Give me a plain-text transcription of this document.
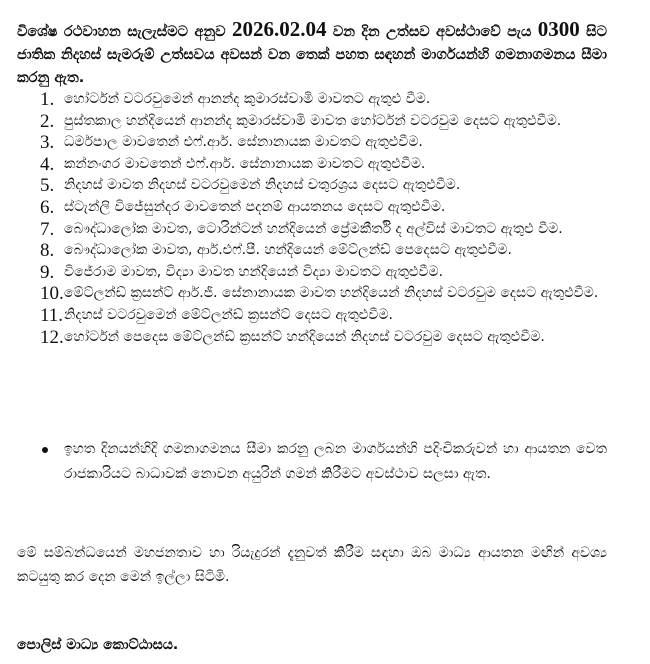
විශේෂ රථවාහන සැලැස්මට අනුව 2026.02.04 වන දින උත්සව අවස්ථාවේ පැය 0300 සිට ජාතික නිදහස් සැමරුම් උත්සවය අවසන් වන තෙක් පහත සඳහන් මාර්ගයන්හි ගමනාගමනය සීමා කරනු ඇත.

1. හෝර්ටන් වටරවුමෙන් ආනන්ද කුමාරස්වාමි මාවතට ඇතුළු වීම.
2. පුස්තකාල හන්දියෙන් ආනන්ද කුමාරස්වාමි මාවත හෝර්ටන් වටරවුම දෙසට ඇතුළුවීම.
3. ධර්මපාල මාවතෙන් එෆ්.ආර්. සේනානායක මාවතට ඇතුළුවීම.
4. කන්නංගර මාවතෙන් එෆ්.ආර්. සේනානායක මාවතට ඇතුළුවීම.
5. නිදහස් මාවත නිදහස් වටරවුමෙන් නිදහස් චතුරශ්‍රය දෙසට ඇතුළුවීම.
6. ස්ටැන්ලි විජේසුන්දර මාවතෙන් පදනම් ආයතනය දෙසට ඇතුළුවීම.
7. බෞද්ධාලෝක මාවත, ටොරින්ටන් හන්දියෙන් ප්‍රේමකීර්ති ද අල්විස් මාවතට ඇතුළු වීම.
8. බෞද්ධාලෝක මාවත, ආර්.එෆ්.පී. හන්දියෙන් මේට්ලන්ඩ් පෙදෙසට ඇතුළුවීම.
9. විජේරාම මාවත, විද්‍යා මාවත හන්දියෙන් විද්‍යා මාවතට ඇතුළුවීම.
10. මේට්ලන්ඩ් ක්‍රසන්ට් ආර්.ජී. සේනානායක මාවත හන්දියෙන් නිදහස් වටරවුම දෙසට ඇතුළුවීම.
11. නිදහස් වටරවුමෙන් මේට්ලන්ඩ් ක්‍රසන්ට් දෙසට ඇතුළුවීම.
12. හෝර්ටන් පෙදෙස මේට්ලන්ඩ් ක්‍රසන්ට් හන්දියෙන් නිදහස් වටරවුම දෙසට ඇතුළුවීම.
ඉහත දිනයන්හිදි ගමනාගමනය සීමා කරනු ලබන මාර්ගයන්හි පදිංචිකරුවන් හා ආයතන වෙත රාජකාරියට බාධාවක් නොවන අයුරින් ගමන් කිරීමට අවස්ථාව සලසා ඇත.

මේ සම්බන්ධයෙන් මහජනතාව හා රියැදුරන් දැනුවත් කිරීම සඳහා ඔබ මාධ්‍ය ආයතන මඟින් අවශ්‍ය කටයුතු කර දෙන මෙන් ඉල්ලා සිටිමි.

පොලිස් මාධ්‍ය කොට්ඨාසය.
